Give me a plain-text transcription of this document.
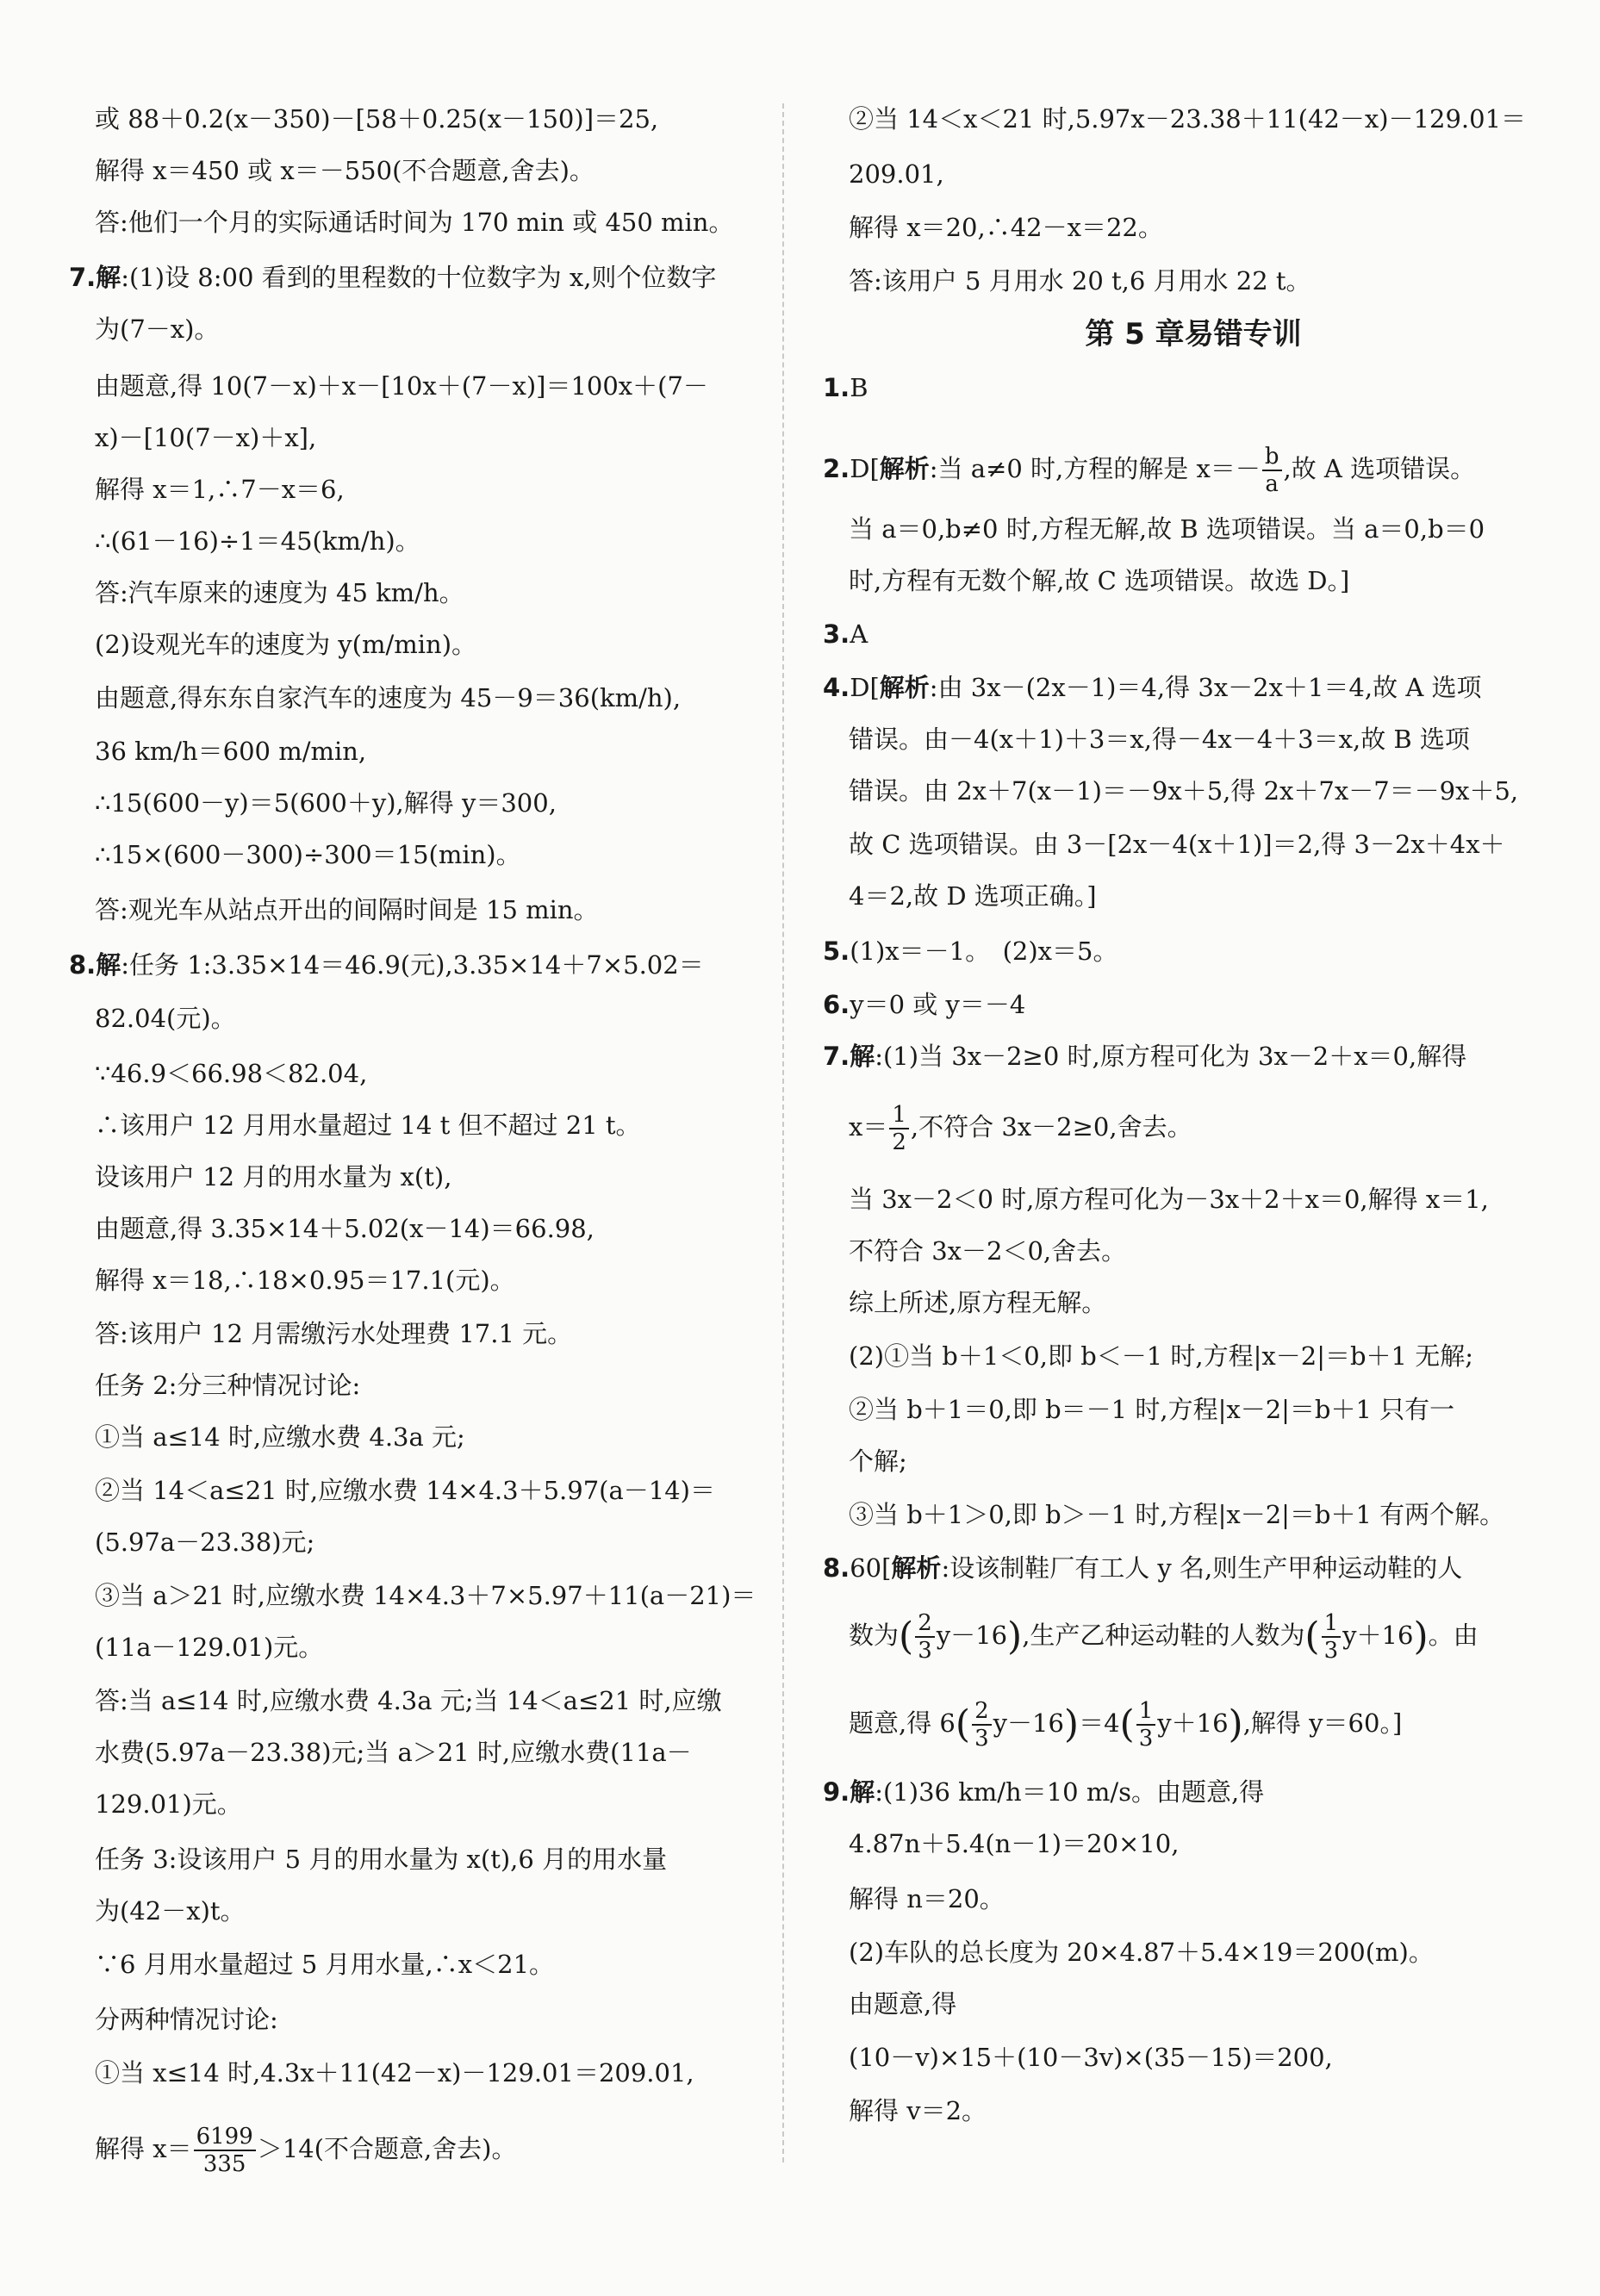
或 88＋0.2(x－350)－[58＋0.25(x－150)]＝25,
解得 x＝450 或 x＝－550(不合题意,舍去)。
答:他们一个月的实际通话时间为 170 min 或 450 min。
7.解:(1)设 8:00 看到的里程数的十位数字为 x,则个位数字
为(7－x)。
由题意,得 10(7－x)＋x－[10x＋(7－x)]＝100x＋(7－
x)－[10(7－x)＋x],
解得 x＝1,∴7－x＝6,
∴(61－16)÷1＝45(km/h)。
答:汽车原来的速度为 45 km/h。
(2)设观光车的速度为 y(m/min)。
由题意,得东东自家汽车的速度为 45－9＝36(km/h),
36 km/h＝600 m/min,
∴15(600－y)＝5(600＋y),解得 y＝300,
∴15×(600－300)÷300＝15(min)。
答:观光车从站点开出的间隔时间是 15 min。
8.解:任务 1:3.35×14＝46.9(元),3.35×14＋7×5.02＝
82.04(元)。
∵46.9＜66.98＜82.04,
∴该用户 12 月用水量超过 14 t 但不超过 21 t。
设该用户 12 月的用水量为 x(t),
由题意,得 3.35×14＋5.02(x－14)＝66.98,
解得 x＝18,∴18×0.95＝17.1(元)。
答:该用户 12 月需缴污水处理费 17.1 元。
任务 2:分三种情况讨论:
①当 a≤14 时,应缴水费 4.3a 元;
②当 14＜a≤21 时,应缴水费 14×4.3＋5.97(a－14)＝
(5.97a－23.38)元;
③当 a＞21 时,应缴水费 14×4.3＋7×5.97＋11(a－21)＝
(11a－129.01)元。
答:当 a≤14 时,应缴水费 4.3a 元;当 14＜a≤21 时,应缴
水费(5.97a－23.38)元;当 a＞21 时,应缴水费(11a－
129.01)元。
任务 3:设该用户 5 月的用水量为 x(t),6 月的用水量
为(42－x)t。
∵6 月用水量超过 5 月用水量,∴x＜21。
分两种情况讨论:
①当 x≤14 时,4.3x＋11(42－x)－129.01＝209.01,
解得 $x= \frac{6199}{335} >14$(不合题意,舍去)。
②当 14＜x＜21 时,5.97x－23.38＋11(42－x)－129.01＝
209.01,
解得 x＝20,∴42－x＝22。
答:该用户 5 月用水 20 t,6 月用水 22 t。
第 5 章易错专训
1.B
2.D[解析:当 a≠0 时,方程的解是 $x=- \frac{b}{a}$ ,故 A 选项错误。
当 a＝0,b≠0 时,方程无解,故 B 选项错误。当 a＝0,b＝0
时,方程有无数个解,故 C 选项错误。故选 D。]
3.A
4.D[解析:由 3x－(2x－1)＝4,得 3x－2x＋1＝4,故 A 选项
错误。由－4(x＋1)＋3＝x,得－4x－4＋3＝x,故 B 选项
错误。由 2x＋7(x－1)＝－9x＋5,得 2x＋7x－7＝－9x＋5,
故 C 选项错误。由 3－[2x－4(x＋1)]＝2,得 3－2x＋4x＋
4＝2,故 D 选项正确。]
5.(1)x＝－1。　(2)x＝5。
6.y＝0 或 y＝－4
7.解:(1)当 3x－2≥0 时,原方程可化为 3x－2＋x＝0,解得
$x= \frac{1}{2}$ ,不符合 3x－2≥0,舍去。
当 3x－2＜0 时,原方程可化为－3x＋2＋x＝0,解得 x＝1,
不符合 3x－2＜0,舍去。
综上所述,原方程无解。
(2)①当 b＋1＜0,即 b＜－1 时,方程|x－2|＝b＋1 无解;
②当 b＋1＝0,即 b＝－1 时,方程|x－2|＝b＋1 只有一
个解;
③当 b＋1＞0,即 b＞－1 时,方程|x－2|＝b＋1 有两个解。
8.60[解析:设该制鞋厂有工人 y 名,则生产甲种运动鞋的人
数为( $\frac{2}{3} y-16$),生产乙种运动鞋的人数为( $\frac{1}{3} y+16$)。由
题意,得 $6( \frac{2}{3} y-16)=4( \frac{1}{3} y+16)$,解得 y＝60。]
9.解:(1)36 km/h＝10 m/s。由题意,得
4.87n＋5.4(n－1)＝20×10,
解得 n＝20。
(2)车队的总长度为 20×4.87＋5.4×19＝200(m)。
由题意,得
(10－v)×15＋(10－3v)×(35－15)＝200,
解得 v＝2。
